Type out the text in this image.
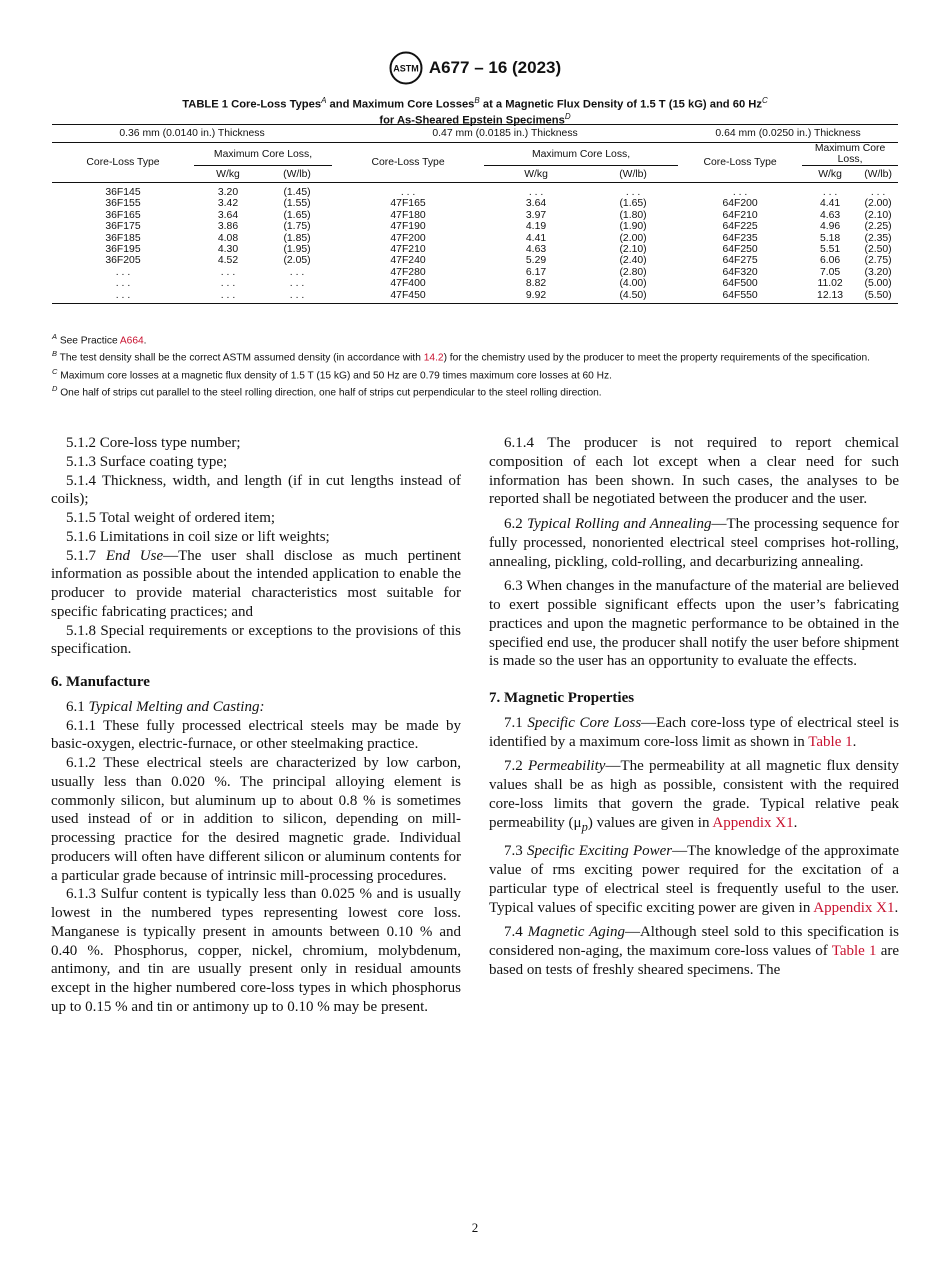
ASTM A677 – 16 (2023)
TABLE 1 Core-Loss Types$^A$ and Maximum Core Losses$^B$ at a Magnetic Flux Density of 1.5 T (15 kG) and 60 $Hz^C$
for As-Sheared Epstein Specimens$^D$
0.36 mm (0.0140 in.) Thickness			0.47 mm (0.0185 in.) Thickness			0.64 mm (0.0250 in.) Thickness		
Core-Loss Type	Maximum Core Loss,		Core-Loss Type	Maximum Core Loss,		Core-Loss Type	Maximum Core Loss,	
	W/kg	(W/lb)		W/kg	(W/lb)		W/kg	(W/lb)
36F145	3.20	(1.45)	. . .	. . .	. . .	. . .	. . .	. . .
36F155	3.42	(1.55)	47F165	3.64	(1.65)	64F200	4.41	(2.00)
36F165	3.64	(1.65)	47F180	3.97	(1.80)	64F210	4.63	(2.10)
36F175	3.86	(1.75)	47F190	4.19	(1.90)	64F225	4.96	(2.25)
36F185	4.08	(1.85)	47F200	4.41	(2.00)	64F235	5.18	(2.35)
36F195	4.30	(1.95)	47F210	4.63	(2.10)	64F250	5.51	(2.50)
36F205	4.52	(2.05)	47F240	5.29	(2.40)	64F275	6.06	(2.75)
. . .	. . .	. . .	47F280	6.17	(2.80)	64F320	7.05	(3.20)
. . .	. . .	. . .	47F400	8.82	(4.00)	64F500	11.02	(5.00)
. . .	. . .	. . .	47F450	9.92	(4.50)	64F550	12.13	(5.50)

$^A$ See Practice A664.

$^B$ The test density shall be the correct ASTM assumed density (in accordance with 14.2) for the chemistry used by the producer to meet the property requirements of the specification.

$^C$ Maximum core losses at a magnetic flux density of 1.5 T (15 kG) and 50 Hz are 0.79 times maximum core losses at 60 Hz.

$^D$ One half of strips cut parallel to the steel rolling direction, one half of strips cut perpendicular to the steel rolling direction.

5.1.2 Core-loss type number;

5.1.3 Surface coating type;

5.1.4 Thickness, width, and length (if in cut lengths instead of coils);

5.1.5 Total weight of ordered item;

5.1.6 Limitations in coil size or lift weights;

5.1.7 End Use—The user shall disclose as much pertinent information as possible about the intended application to enable the producer to provide material characteristics most suitable for specific fabricating practices; and

5.1.8 Special requirements or exceptions to the provisions of this specification.

6. Manufacture

6.1 Typical Melting and Casting:

6.1.1 These fully processed electrical steels may be made by basic-oxygen, electric-furnace, or other steelmaking practice.

6.1.2 These electrical steels are characterized by low carbon, usually less than 0.020 %. The principal alloying element is commonly silicon, but aluminum up to about 0.8 % is sometimes used instead of or in addition to silicon, depending on mill-processing practice for the desired magnetic grade. Individual producers will often have different silicon or aluminum contents for a particular grade because of intrinsic mill-processing procedures.

6.1.3 Sulfur content is typically less than 0.025 % and is usually lowest in the numbered types representing lowest core loss. Manganese is typically present in amounts between 0.10 % and 0.40 %. Phosphorus, copper, nickel, chromium, molybdenum, antimony, and tin are usually present only in residual amounts except in the higher numbered core-loss types in which phosphorus up to 0.15 % and tin or antimony up to 0.10 % may be present.

6.1.4 The producer is not required to report chemical composition of each lot except when a clear need for such information has been shown. In such cases, the analyses to be reported shall be negotiated between the producer and the user.

6.2 Typical Rolling and Annealing—The processing sequence for fully processed, nonoriented electrical steel comprises hot-rolling, annealing, pickling, cold-rolling, and decarburizing annealing.

6.3 When changes in the manufacture of the material are believed to exert possible significant effects upon the user’s fabricating practices and upon the magnetic performance to be obtained in the specified end use, the producer shall notify the user before shipment is made so the user has an opportunity to evaluate the effects.

7. Magnetic Properties

7.1 Specific Core Loss—Each core-loss type of electrical steel is identified by a maximum core-loss limit as shown in Table 1.

7.2 Permeability—The permeability at all magnetic flux density values shall be as high as possible, consistent with the required core-loss limits that govern the grade. Typical relative peak permeability $(\mu_p)$ values are given in Appendix X1.

7.3 Specific Exciting Power—The knowledge of the approximate value of rms exciting power required for the excitation of a particular type of electrical steel is frequently useful to the user. Typical values of specific exciting power are given in Appendix X1.

7.4 Magnetic Aging—Although steel sold to this specification is considered non-aging, the maximum core-loss values of Table 1 are based on tests of freshly sheared specimens. The

2
